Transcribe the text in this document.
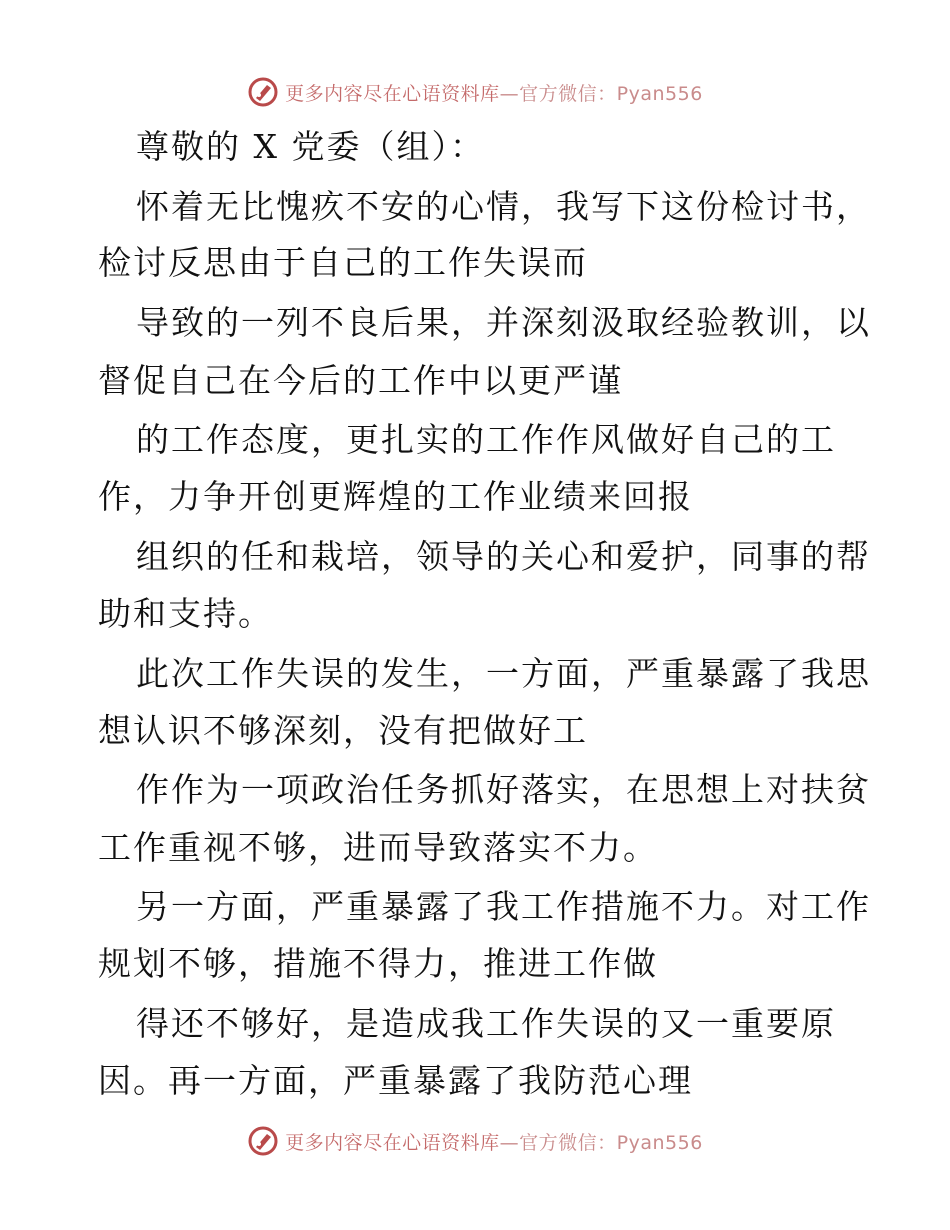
更多内容尽在心语资料库—官方微信：Pyan556
尊敬的 X 党委（组）：
怀着无比愧疚不安的心情，我写下这份检讨书，
检讨反思由于自己的工作失误而
导致的一列不良后果，并深刻汲取经验教训，以
督促自己在今后的工作中以更严谨
的工作态度，更扎实的工作作风做好自己的工
作，力争开创更辉煌的工作业绩来回报
组织的任和栽培，领导的关心和爱护，同事的帮
助和支持。
此次工作失误的发生，一方面，严重暴露了我思
想认识不够深刻，没有把做好工
作作为一项政治任务抓好落实，在思想上对扶贫
工作重视不够，进而导致落实不力。
另一方面，严重暴露了我工作措施不力。对工作
规划不够，措施不得力，推进工作做
得还不够好，是造成我工作失误的又一重要原
因。再一方面，严重暴露了我防范心理
更多内容尽在心语资料库—官方微信：Pyan556
